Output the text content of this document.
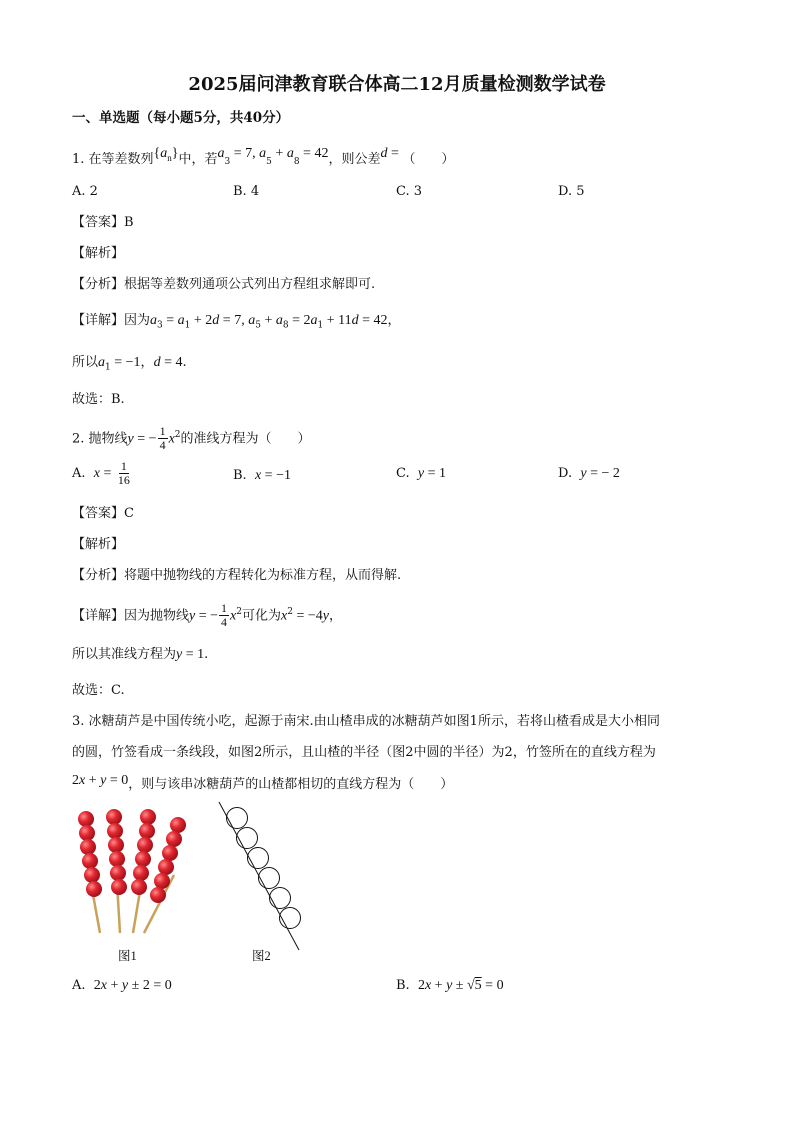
2025届问津教育联合体高二12月质量检测数学试卷
一、单选题（每小题5分，共40分）
1. 在等差数列$\{a_n\}$中，若$a_3 = 7$, $a_5 + a_8 = 42$，则公差d = （　　）
A. 2	B. 4	C. 3	D. 5
【答案】B
【解析】
【分析】根据等差数列通项公式列出方程组求解即可.
【详解】因为$a_3 = a_1 + 2d = 7$, $a_5 + a_8 = 2a_1 + 11d = 42$，
所以$a_1 = -1$，d = 4.
故选：B.
2. 抛物线y = − $\frac{1}{4} x^2$的准线方程为（　　）
A. $x = \frac{1}{16}$	B. x = −1	C. y = 1	D. y = − 2
【答案】C
【解析】
【分析】将题中抛物线的方程转化为标准方程，从而得解.
【详解】因为抛物线y = − $\frac{1}{4} x^2$可化为$x^2 = -4y$，
所以其准线方程为y = 1.
故选：C.
3. 冰糖葫芦是中国传统小吃，起源于南宋.由山楂串成的冰糖葫芦如图1所示，若将山楂看成是大小相同
的圆，竹签看成一条线段，如图2所示，且山楂的半径（图2中圆的半径）为2，竹签所在的直线方程为
2x + y = 0，则与该串冰糖葫芦的山楂都相切的直线方程为（　　）
图1	图2
A. 2x + y ± 2 = 0	B. 2x + y ± √5 = 0
